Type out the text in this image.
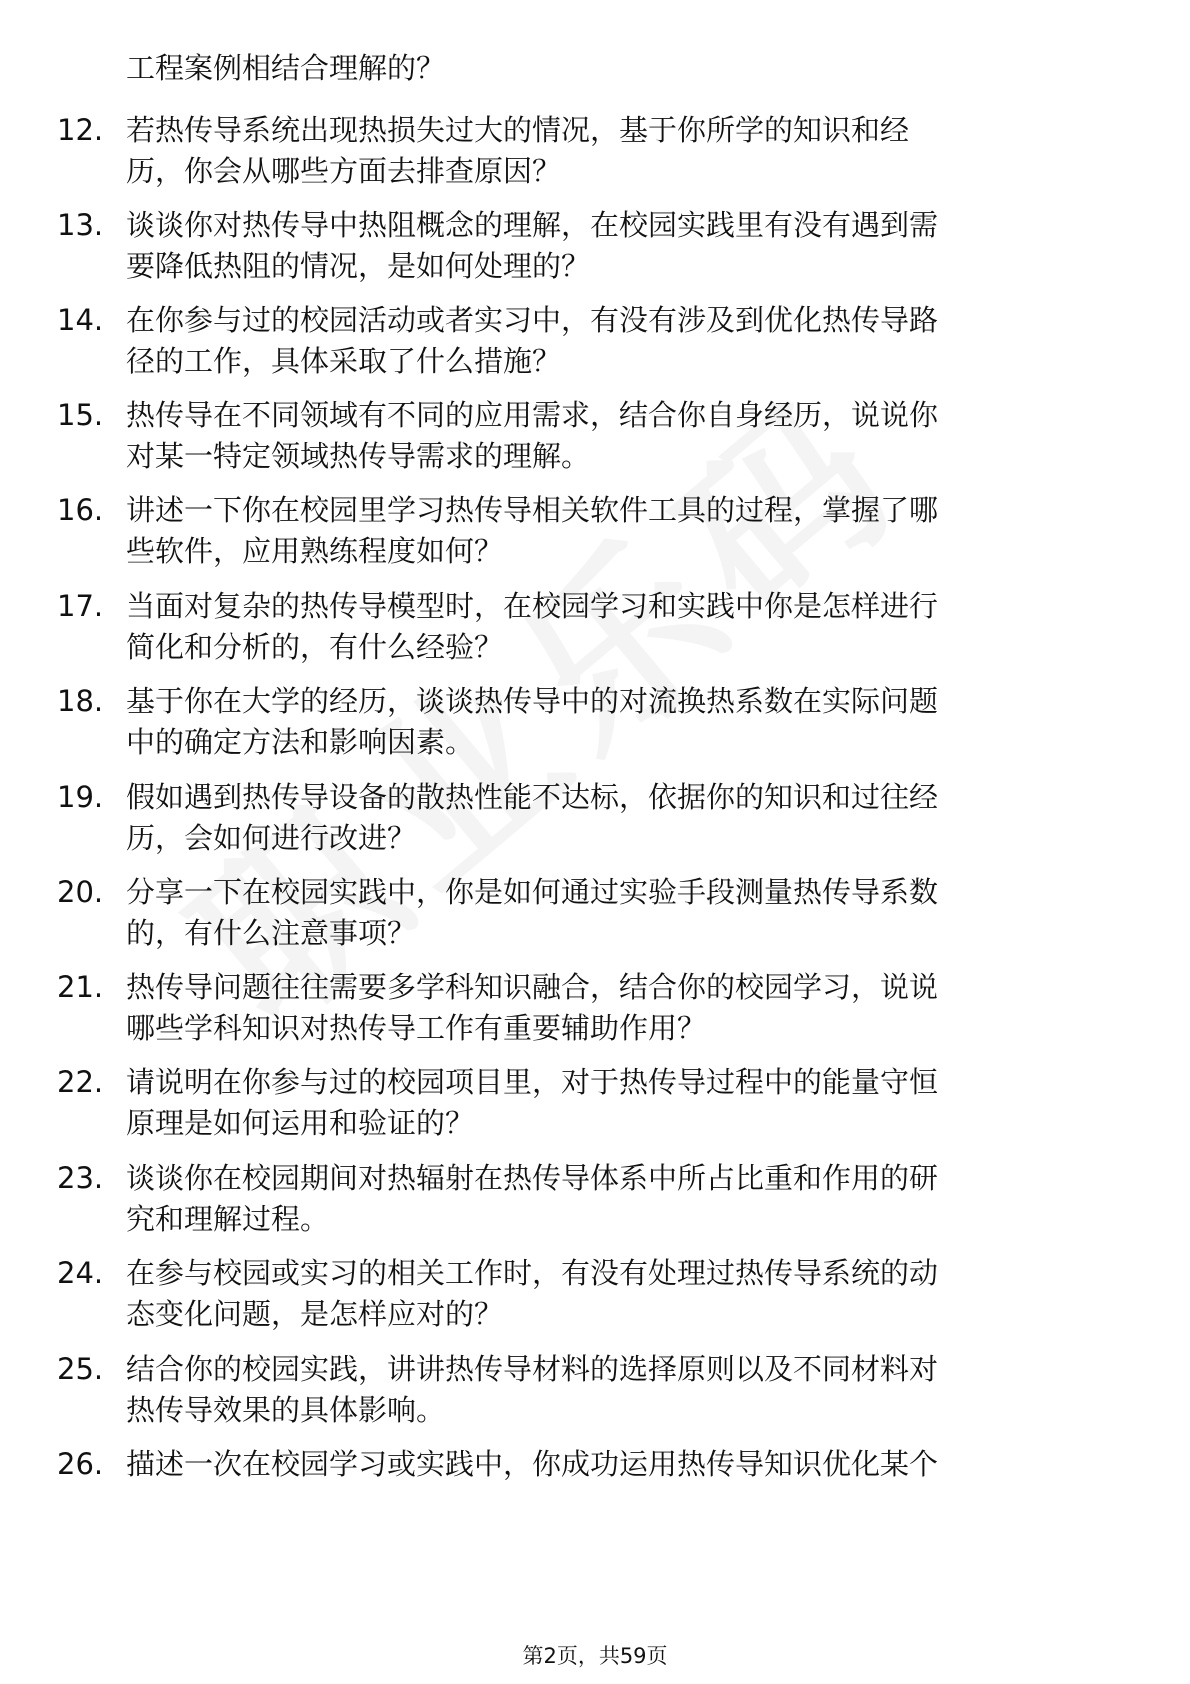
工程案例相结合理解的？
12. 若热传导系统出现热损失过大的情况，基于你所学的知识和经
历，你会从哪些方面去排查原因？
13. 谈谈你对热传导中热阻概念的理解，在校园实践里有没有遇到需
要降低热阻的情况，是如何处理的？
14. 在你参与过的校园活动或者实习中，有没有涉及到优化热传导路
径的工作，具体采取了什么措施？
15. 热传导在不同领域有不同的应用需求，结合你自身经历，说说你
对某一特定领域热传导需求的理解。
16. 讲述一下你在校园里学习热传导相关软件工具的过程，掌握了哪
些软件，应用熟练程度如何？
17. 当面对复杂的热传导模型时，在校园学习和实践中你是怎样进行
简化和分析的，有什么经验？
18. 基于你在大学的经历，谈谈热传导中的对流换热系数在实际问题
中的确定方法和影响因素。
19. 假如遇到热传导设备的散热性能不达标，依据你的知识和过往经
历，会如何进行改进？
20. 分享一下在校园实践中，你是如何通过实验手段测量热传导系数
的，有什么注意事项？
21. 热传导问题往往需要多学科知识融合，结合你的校园学习，说说
哪些学科知识对热传导工作有重要辅助作用？
22. 请说明在你参与过的校园项目里，对于热传导过程中的能量守恒
原理是如何运用和验证的？
23. 谈谈你在校园期间对热辐射在热传导体系中所占比重和作用的研
究和理解过程。
24. 在参与校园或实习的相关工作时，有没有处理过热传导系统的动
态变化问题，是怎样应对的？
25. 结合你的校园实践，讲讲热传导材料的选择原则以及不同材料对
热传导效果的具体影响。
26. 描述一次在校园学习或实践中，你成功运用热传导知识优化某个
第2页，共59页
